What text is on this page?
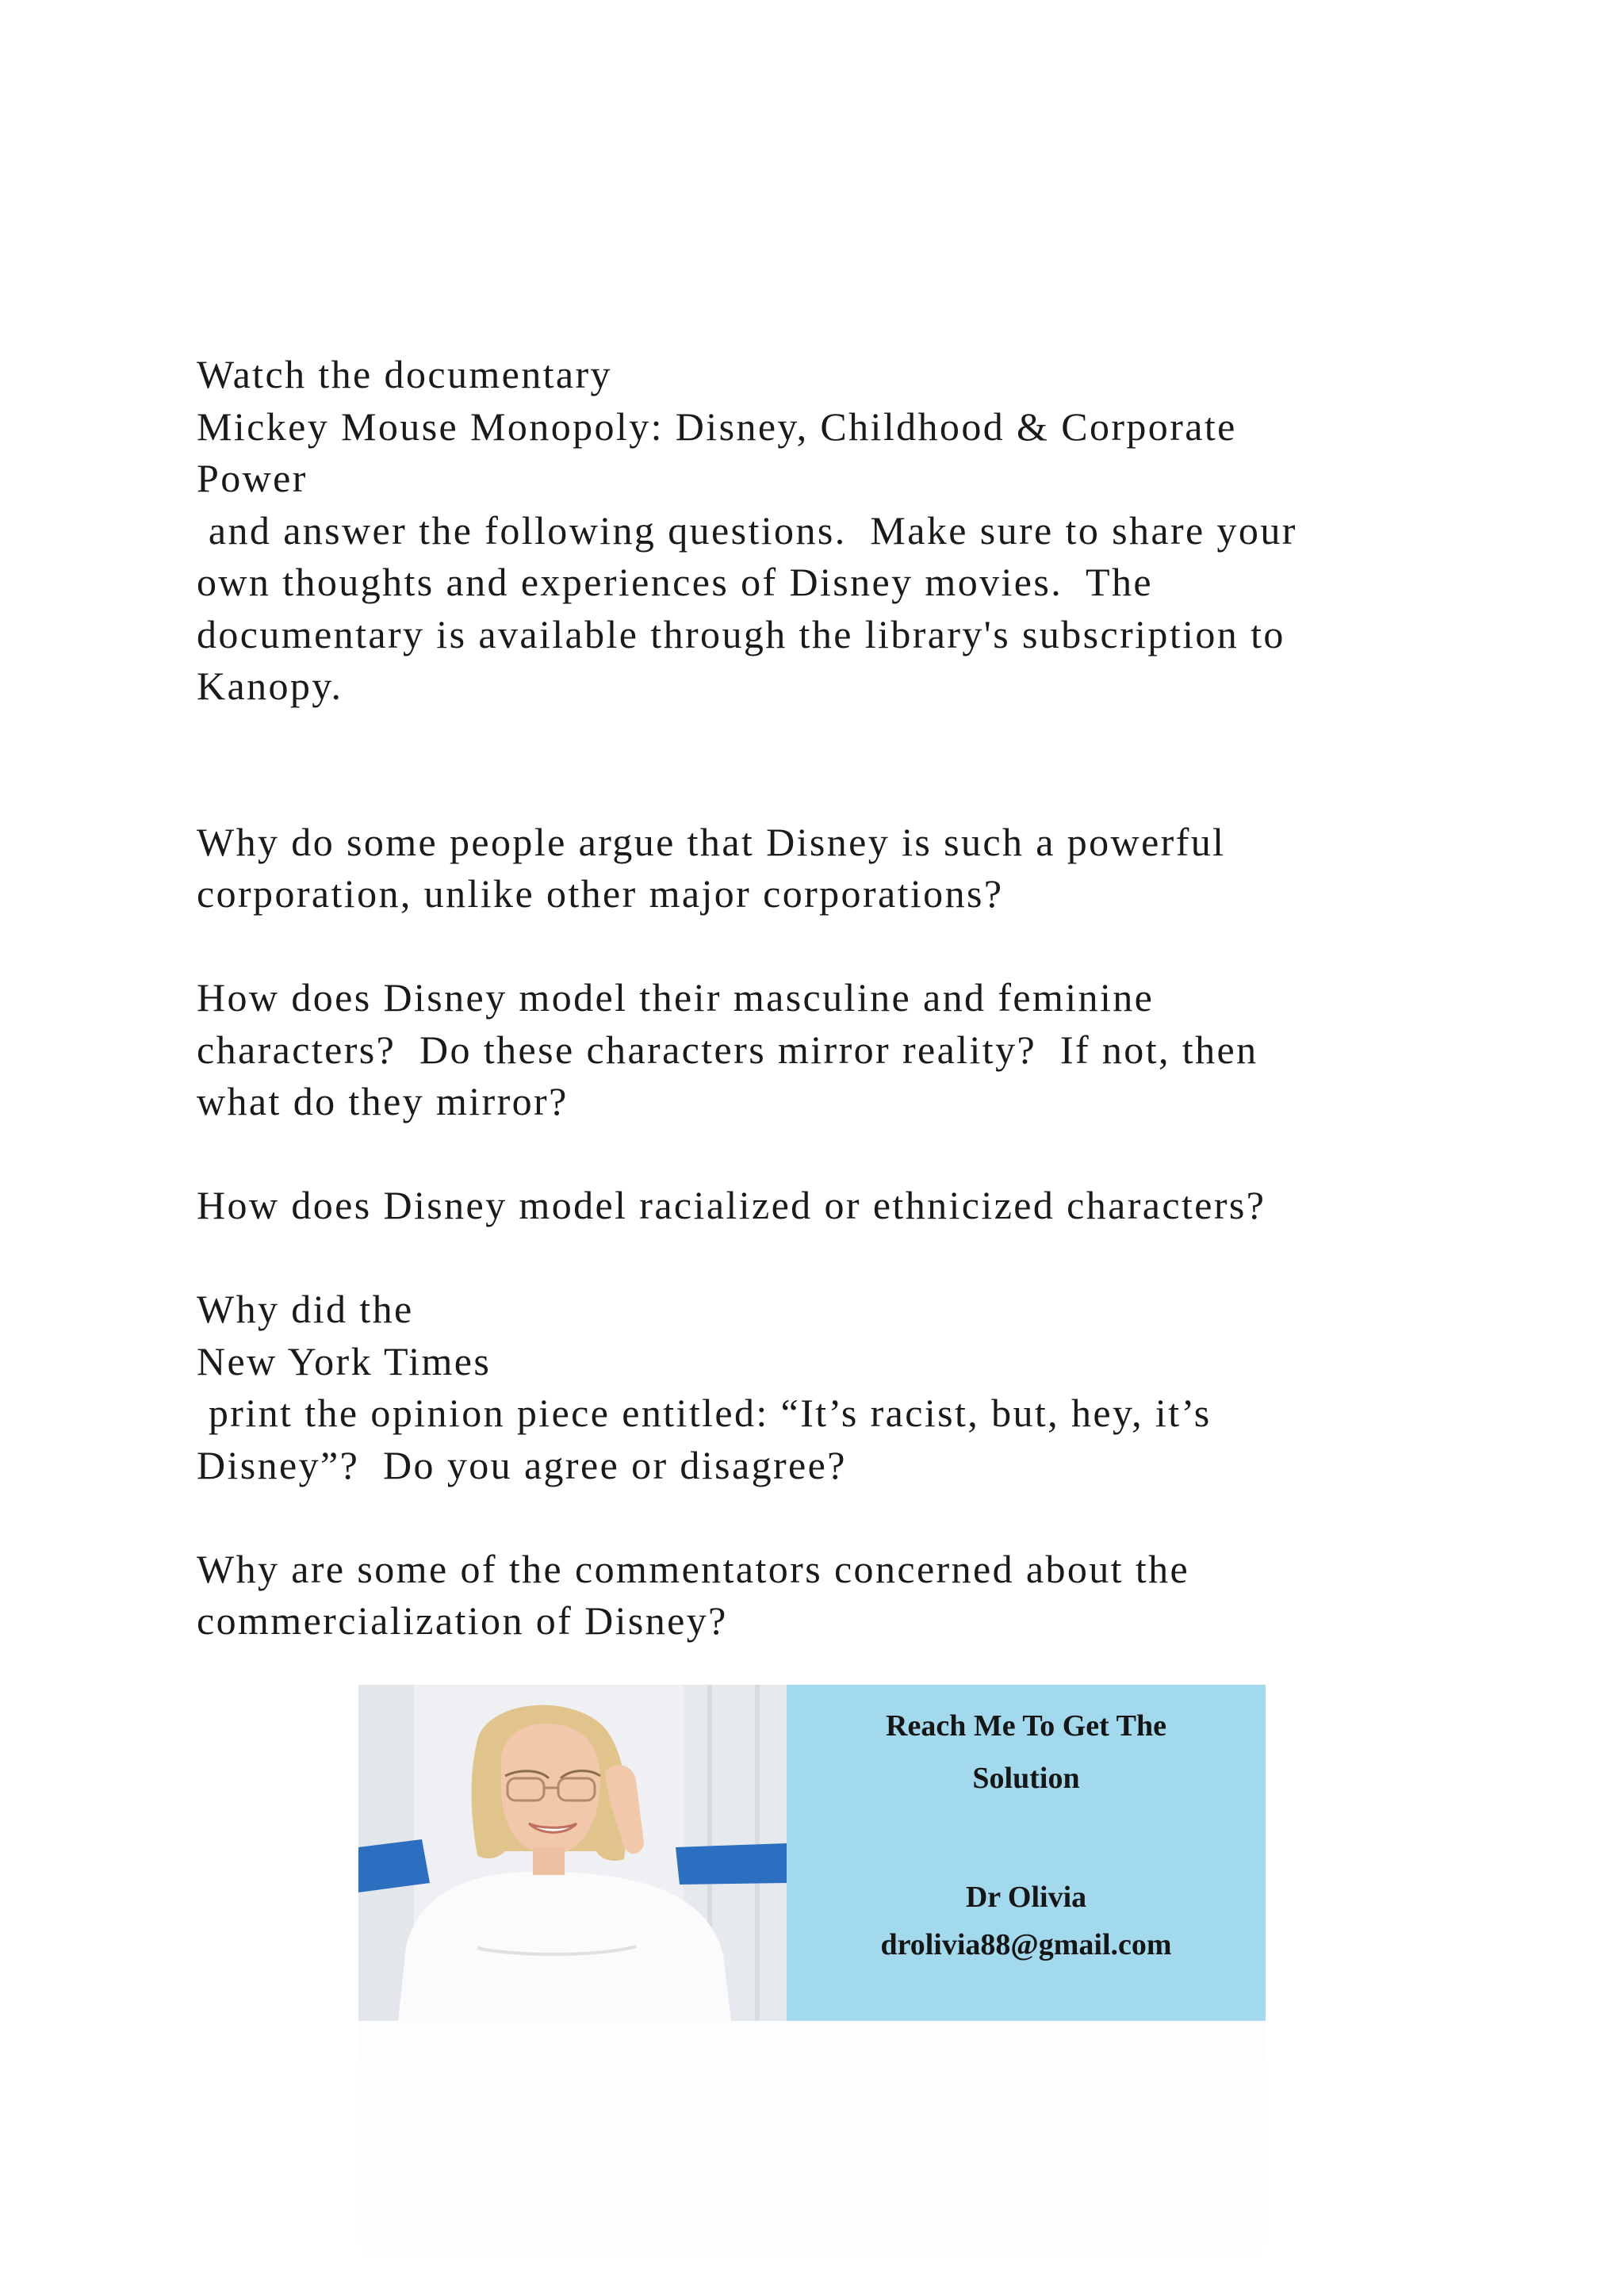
Watch the documentary
Mickey Mouse Monopoly: Disney, Childhood & Corporate
Power
and answer the following questions.  Make sure to share your
own thoughts and experiences of Disney movies.  The
documentary is available through the library's subscription to
Kanopy.
Why do some people argue that Disney is such a powerful
corporation, unlike other major corporations?
How does Disney model their masculine and feminine
characters?  Do these characters mirror reality?  If not, then
what do they mirror?
How does Disney model racialized or ethnicized characters?
Why did the
New York Times
print the opinion piece entitled: “It’s racist, but, hey, it’s
Disney”?  Do you agree or disagree?
Why are some of the commentators concerned about the
commercialization of Disney?
Reach Me To Get The
Solution
Dr Olivia
drolivia88@gmail.com
